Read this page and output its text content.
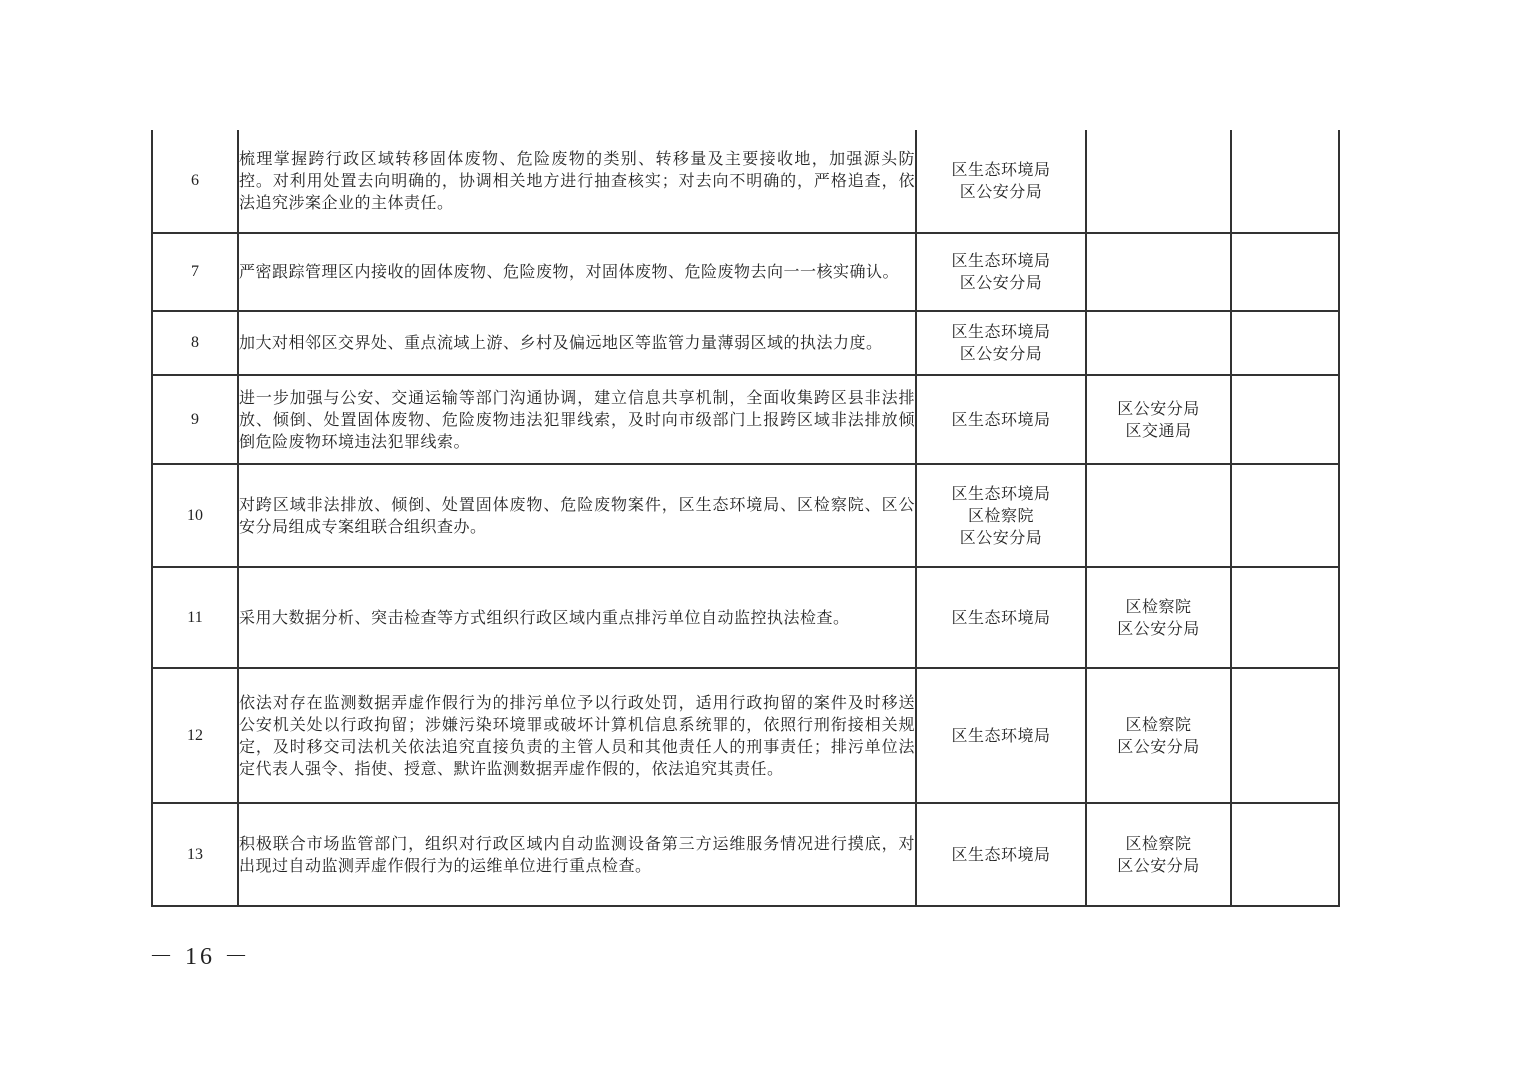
6	梳理掌握跨行政区域转移固体废物、危险废物的类别、转移量及主要接收地，加强源头防控。对利用处置去向明确的，协调相关地方进行抽查核实；对去向不明确的，严格追查，依法追究涉案企业的主体责任。	区生态环境局
区公安分局		

7	严密跟踪管理区内接收的固体废物、危险废物，对固体废物、危险废物去向一一核实确认。	区生态环境局
区公安分局		

8	加大对相邻区交界处、重点流域上游、乡村及偏远地区等监管力量薄弱区域的执法力度。	区生态环境局
区公安分局		

9	进一步加强与公安、交通运输等部门沟通协调，建立信息共享机制，全面收集跨区县非法排放、倾倒、处置固体废物、危险废物违法犯罪线索，及时向市级部门上报跨区域非法排放倾倒危险废物环境违法犯罪线索。	区生态环境局	区公安分局
区交通局	

10	对跨区域非法排放、倾倒、处置固体废物、危险废物案件，区生态环境局、区检察院、区公安分局组成专案组联合组织查办。	区生态环境局
区检察院
区公安分局		

11	采用大数据分析、突击检查等方式组织行政区域内重点排污单位自动监控执法检查。	区生态环境局	区检察院
区公安分局	

12	依法对存在监测数据弄虚作假行为的排污单位予以行政处罚，适用行政拘留的案件及时移送公安机关处以行政拘留；涉嫌污染环境罪或破坏计算机信息系统罪的，依照行刑衔接相关规定，及时移交司法机关依法追究直接负责的主管人员和其他责任人的刑事责任；排污单位法定代表人强令、指使、授意、默许监测数据弄虚作假的，依法追究其责任。	区生态环境局	区检察院
区公安分局	

13	积极联合市场监管部门，组织对行政区域内自动监测设备第三方运维服务情况进行摸底，对出现过自动监测弄虚作假行为的运维单位进行重点检查。	区生态环境局	区检察院
区公安分局	

－ 16 －
